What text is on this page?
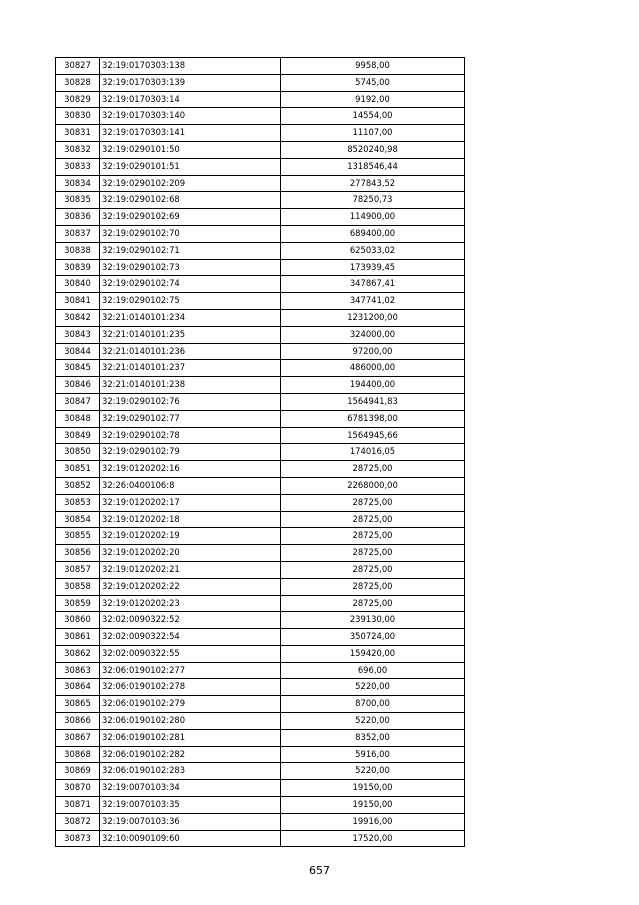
30827	32:19:0170303:138	9958,00
30828	32:19:0170303:139	5745,00
30829	32:19:0170303:14	9192,00
30830	32:19:0170303:140	14554,00
30831	32:19:0170303:141	11107,00
30832	32:19:0290101:50	8520240,98
30833	32:19:0290101:51	1318546,44
30834	32:19:0290102:209	277843,52
30835	32:19:0290102:68	78250,73
30836	32:19:0290102:69	114900,00
30837	32:19:0290102:70	689400,00
30838	32:19:0290102:71	625033,02
30839	32:19:0290102:73	173939,45
30840	32:19:0290102:74	347867,41
30841	32:19:0290102:75	347741,02
30842	32:21:0140101:234	1231200,00
30843	32:21:0140101:235	324000,00
30844	32:21:0140101:236	97200,00
30845	32:21:0140101:237	486000,00
30846	32:21:0140101:238	194400,00
30847	32:19:0290102:76	1564941,83
30848	32:19:0290102:77	6781398,00
30849	32:19:0290102:78	1564945,66
30850	32:19:0290102:79	174016,05
30851	32:19:0120202:16	28725,00
30852	32:26:0400106:8	2268000,00
30853	32:19:0120202:17	28725,00
30854	32:19:0120202:18	28725,00
30855	32:19:0120202:19	28725,00
30856	32:19:0120202:20	28725,00
30857	32:19:0120202:21	28725,00
30858	32:19:0120202:22	28725,00
30859	32:19:0120202:23	28725,00
30860	32:02:0090322:52	239130,00
30861	32:02:0090322:54	350724,00
30862	32:02:0090322:55	159420,00
30863	32:06:0190102:277	696,00
30864	32:06:0190102:278	5220,00
30865	32:06:0190102:279	8700,00
30866	32:06:0190102:280	5220,00
30867	32:06:0190102:281	8352,00
30868	32:06:0190102:282	5916,00
30869	32:06:0190102:283	5220,00
30870	32:19:0070103:34	19150,00
30871	32:19:0070103:35	19150,00
30872	32:19:0070103:36	19916,00
30873	32:10:0090109:60	17520,00
657
